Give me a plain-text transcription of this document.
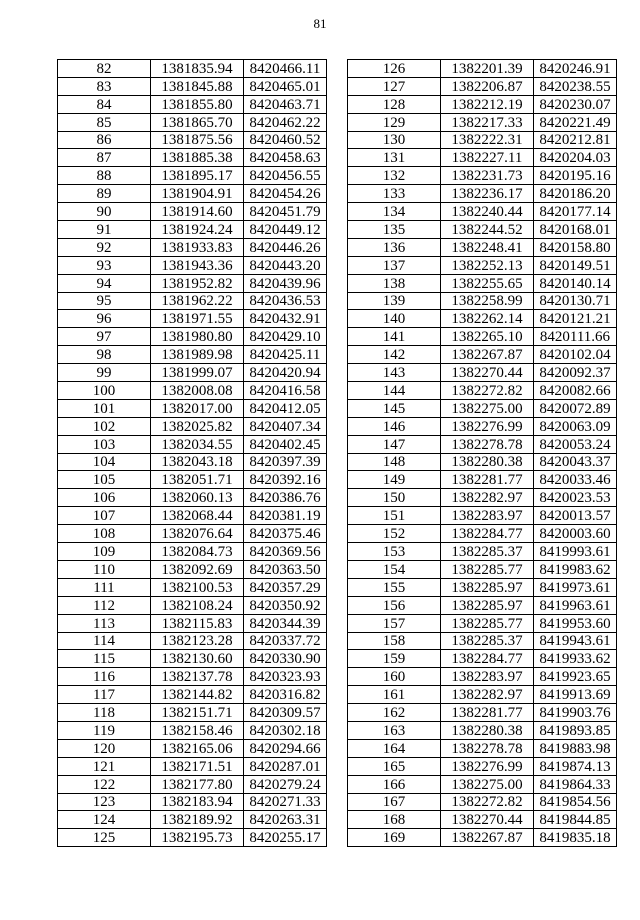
81
82	1381835.94	8420466.11
83	1381845.88	8420465.01
84	1381855.80	8420463.71
85	1381865.70	8420462.22
86	1381875.56	8420460.52
87	1381885.38	8420458.63
88	1381895.17	8420456.55
89	1381904.91	8420454.26
90	1381914.60	8420451.79
91	1381924.24	8420449.12
92	1381933.83	8420446.26
93	1381943.36	8420443.20
94	1381952.82	8420439.96
95	1381962.22	8420436.53
96	1381971.55	8420432.91
97	1381980.80	8420429.10
98	1381989.98	8420425.11
99	1381999.07	8420420.94
100	1382008.08	8420416.58
101	1382017.00	8420412.05
102	1382025.82	8420407.34
103	1382034.55	8420402.45
104	1382043.18	8420397.39
105	1382051.71	8420392.16
106	1382060.13	8420386.76
107	1382068.44	8420381.19
108	1382076.64	8420375.46
109	1382084.73	8420369.56
110	1382092.69	8420363.50
111	1382100.53	8420357.29
112	1382108.24	8420350.92
113	1382115.83	8420344.39
114	1382123.28	8420337.72
115	1382130.60	8420330.90
116	1382137.78	8420323.93
117	1382144.82	8420316.82
118	1382151.71	8420309.57
119	1382158.46	8420302.18
120	1382165.06	8420294.66
121	1382171.51	8420287.01
122	1382177.80	8420279.24
123	1382183.94	8420271.33
124	1382189.92	8420263.31
125	1382195.73	8420255.17
126	1382201.39	8420246.91
127	1382206.87	8420238.55
128	1382212.19	8420230.07
129	1382217.33	8420221.49
130	1382222.31	8420212.81
131	1382227.11	8420204.03
132	1382231.73	8420195.16
133	1382236.17	8420186.20
134	1382240.44	8420177.14
135	1382244.52	8420168.01
136	1382248.41	8420158.80
137	1382252.13	8420149.51
138	1382255.65	8420140.14
139	1382258.99	8420130.71
140	1382262.14	8420121.21
141	1382265.10	8420111.66
142	1382267.87	8420102.04
143	1382270.44	8420092.37
144	1382272.82	8420082.66
145	1382275.00	8420072.89
146	1382276.99	8420063.09
147	1382278.78	8420053.24
148	1382280.38	8420043.37
149	1382281.77	8420033.46
150	1382282.97	8420023.53
151	1382283.97	8420013.57
152	1382284.77	8420003.60
153	1382285.37	8419993.61
154	1382285.77	8419983.62
155	1382285.97	8419973.61
156	1382285.97	8419963.61
157	1382285.77	8419953.60
158	1382285.37	8419943.61
159	1382284.77	8419933.62
160	1382283.97	8419923.65
161	1382282.97	8419913.69
162	1382281.77	8419903.76
163	1382280.38	8419893.85
164	1382278.78	8419883.98
165	1382276.99	8419874.13
166	1382275.00	8419864.33
167	1382272.82	8419854.56
168	1382270.44	8419844.85
169	1382267.87	8419835.18
